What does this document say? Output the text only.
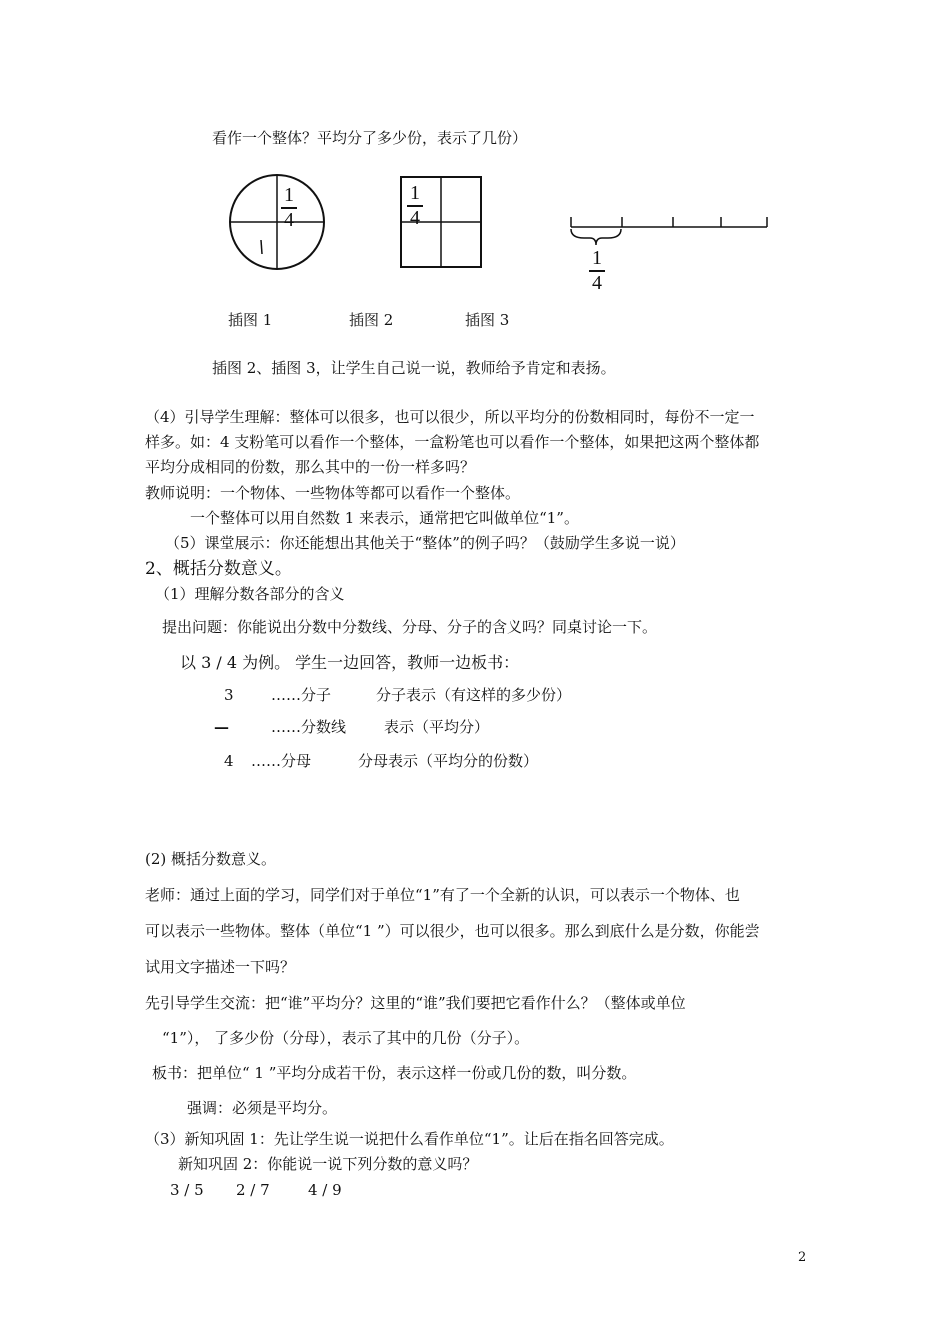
看作一个整体？平均分了多少份，表示了几份）
1
4
1
4
1
4
插图 1	插图 2	插图 3
插图 2、插图 3，让学生自己说一说，教师给予肯定和表扬。
（4）引导学生理解：整体可以很多，也可以很少，所以平均分的份数相同时，每份不一定一
样多。如：4 支粉笔可以看作一个整体，一盒粉笔也可以看作一个整体，如果把这两个整体都
平均分成相同的份数，那么其中的一份一样多吗？
教师说明：一个物体、一些物体等都可以看作一个整体。
一个整体可以用自然数 1 来表示，通常把它叫做单位“1”。
（5）课堂展示：你还能想出其他关于“整体”的例子吗？（鼓励学生多说一说）
2、概括分数意义。
（1）理解分数各部分的含义
提出问题：你能说出分数中分数线、分母、分子的含义吗？同桌讨论一下。
以 3 / 4 为例。 学生一边回答，教师一边板书：
3 ……分子	分子表示（有这样的多少份）
—	……分数线	表示（平均分）
4 ……分母	分母表示（平均分的份数）
(2) 概括分数意义。
老师：通过上面的学习，同学们对于单位“1”有了一个全新的认识，可以表示一个物体、也
可以表示一些物体。整体（单位“1 ”）可以很少，也可以很多。那么到底什么是分数，你能尝
试用文字描述一下吗？
先引导学生交流：把“谁”平均分？这里的“谁”我们要把它看作什么？（整体或单位
“1”）， 了多少份（分母），表示了其中的几份（分子）。
板书：把单位“ 1 ”平均分成若干份，表示这样一份或几份的数，叫分数。
强调：必须是平均分。
（3）新知巩固 1：先让学生说一说把什么看作单位“1”。让后在指名回答完成。
新知巩固 2：你能说一说下列分数的意义吗？
3 / 5 2 / 7	4 / 9
2
